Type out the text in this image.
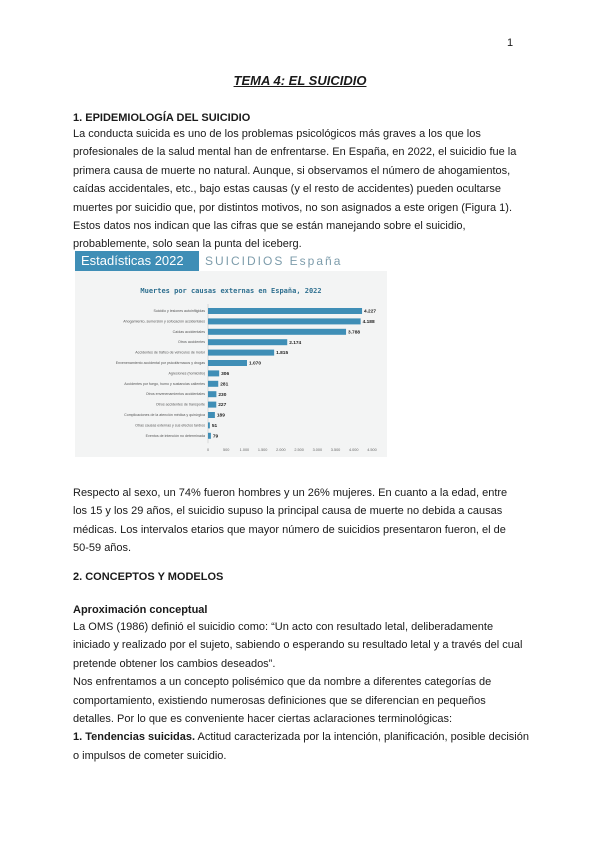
1
TEMA 4: EL SUICIDIO
1. EPIDEMIOLOGÍA DEL SUICIDIO
La conducta suicida es uno de los problemas psicológicos más graves a los que los
profesionales de la salud mental han de enfrentarse. En España, en 2022, el suicidio fue la
primera causa de muerte no natural. Aunque, si observamos el número de ahogamientos,
caídas accidentales, etc., bajo estas causas (y el resto de accidentes) pueden ocultarse
muertes por suicidio que, por distintos motivos, no son asignados a este origen (Figura 1).
Estos datos nos indican que las cifras que se están manejando sobre el suicidio,
probablemente, solo sean la punta del iceberg.
Estadísticas 2022	SUICIDIOS España
Muertes por causas externas en España, 2022
Suicidio y lesiones autoinfligidas	4.227
Ahogamiento, sumersión y sofocación accidentales	4.188
Caídas accidentales	3.788
Otros accidentes	2.174
Accidentes de tráfico de vehículos de motor	1.815
Envenenamiento accidental por psicofármacos y drogas	1.070
Agresiones (homicidio)	306
Accidentes por fuego, humo y sustancias calientes	281
Otros envenenamientos accidentales	230
Otros accidentes de transporte	227
Complicaciones de la atención médica y quirúrgica 189
Otras causas externas y sus efectos tardíos 51
Eventos de intención no determinada 79
0	500	1.000 1.500 2.000 2.500 3.000 3.500 4.000 4.500
Respecto al sexo, un 74% fueron hombres y un 26% mujeres. En cuanto a la edad, entre
los 15 y los 29 años, el suicidio supuso la principal causa de muerte no debida a causas
médicas. Los intervalos etarios que mayor número de suicidios presentaron fueron, el de
50-59 años.
2. CONCEPTOS Y MODELOS
Aproximación conceptual
La OMS (1986) definió el suicidio como: “Un acto con resultado letal, deliberadamente
iniciado y realizado por el sujeto, sabiendo o esperando su resultado letal y a través del cual
pretende obtener los cambios deseados”.
Nos enfrentamos a un concepto polisémico que da nombre a diferentes categorías de
comportamiento, existiendo numerosas definiciones que se diferencian en pequeños
detalles. Por lo que es conveniente hacer ciertas aclaraciones terminológicas:
1. Tendencias suicidas. Actitud caracterizada por la intención, planificación, posible decisión
o impulsos de cometer suicidio.
